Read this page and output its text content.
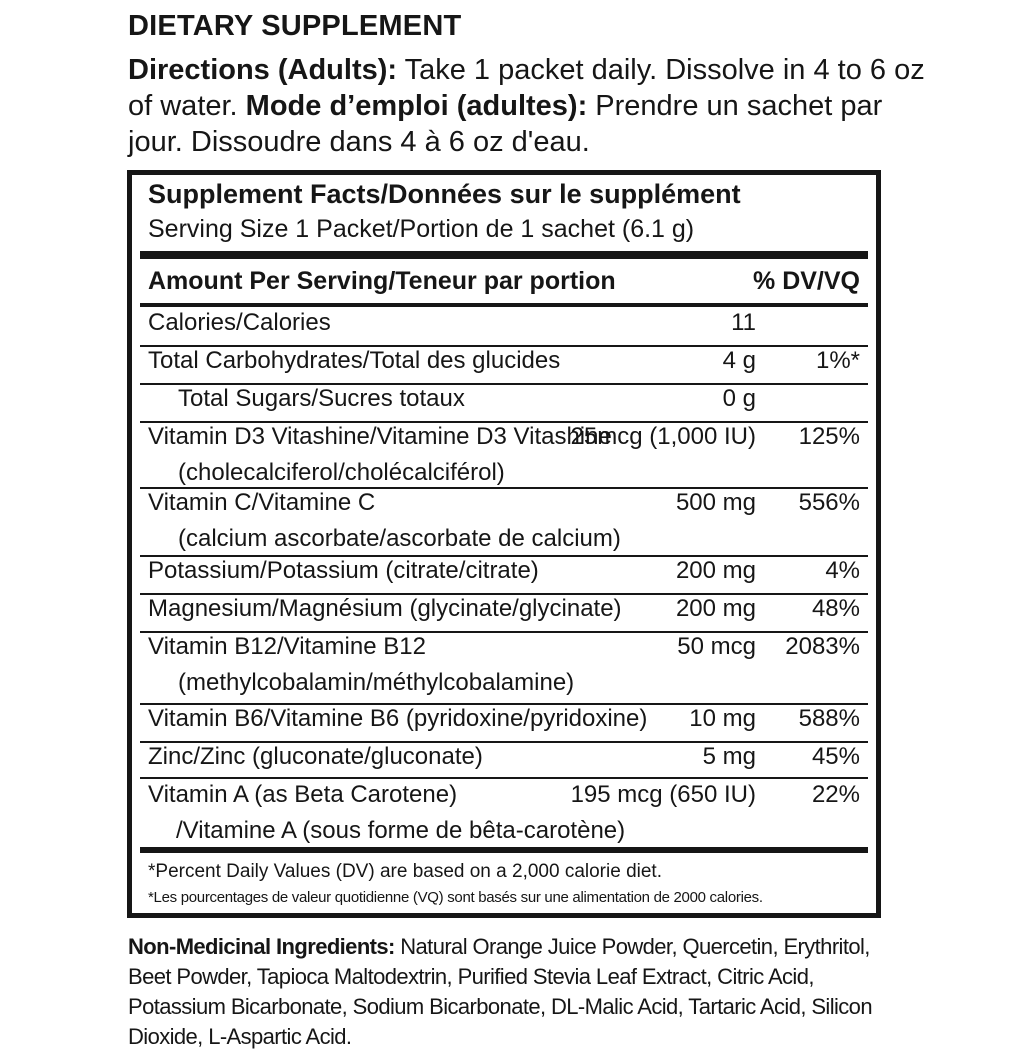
DIETARY SUPPLEMENT
Directions (Adults): Take 1 packet daily. Dissolve in 4 to 6 oz of water. Mode d’emploi (adultes): Prendre un sachet par jour. Dissoudre dans 4 à 6 oz d'eau.
Supplement Facts/Données sur le supplément
Serving Size 1 Packet/Portion de 1 sachet (6.1 g)
Amount Per Serving/Teneur par portion	% DV/VQ
Calories/Calories	11
Total Carbohydrates/Total des glucides	4 g 1%*
Total Sugars/Sucres totaux	0 g
Vitamin D3 Vitashine/Vitamine D3 Vitashine
(cholecalciferol/cholécalciférol)
25mcg (1,000 IU) 125%
Vitamin C/Vitamine C
(calcium ascorbate/ascorbate de calcium)
500 mg 556%
Potassium/Potassium (citrate/citrate)	200 mg	4%
Magnesium/Magnésium (glycinate/glycinate) 200 mg 48%
Vitamin B12/Vitamine B12
(methylcobalamin/méthylcobalamine)
50 mcg 2083%
Vitamin B6/Vitamine B6 (pyridoxine/pyridoxine) 10 mg 588%
Zinc/Zinc (gluconate/gluconate)	5 mg 45%
Vitamin A (as Beta Carotene)
/Vitamine A (sous forme de bêta-carotène)
195 mcg (650 IU) 22%
*Percent Daily Values (DV) are based on a 2,000 calorie diet.
*Les pourcentages de valeur quotidienne (VQ) sont basés sur une alimentation de 2000 calories.
Non-Medicinal Ingredients: Natural Orange Juice Powder, Quercetin, Erythritol, Beet Powder, Tapioca Maltodextrin, Purified Stevia Leaf Extract, Citric Acid, Potassium Bicarbonate, Sodium Bicarbonate, DL-Malic Acid, Tartaric Acid, Silicon Dioxide, L-Aspartic Acid.
